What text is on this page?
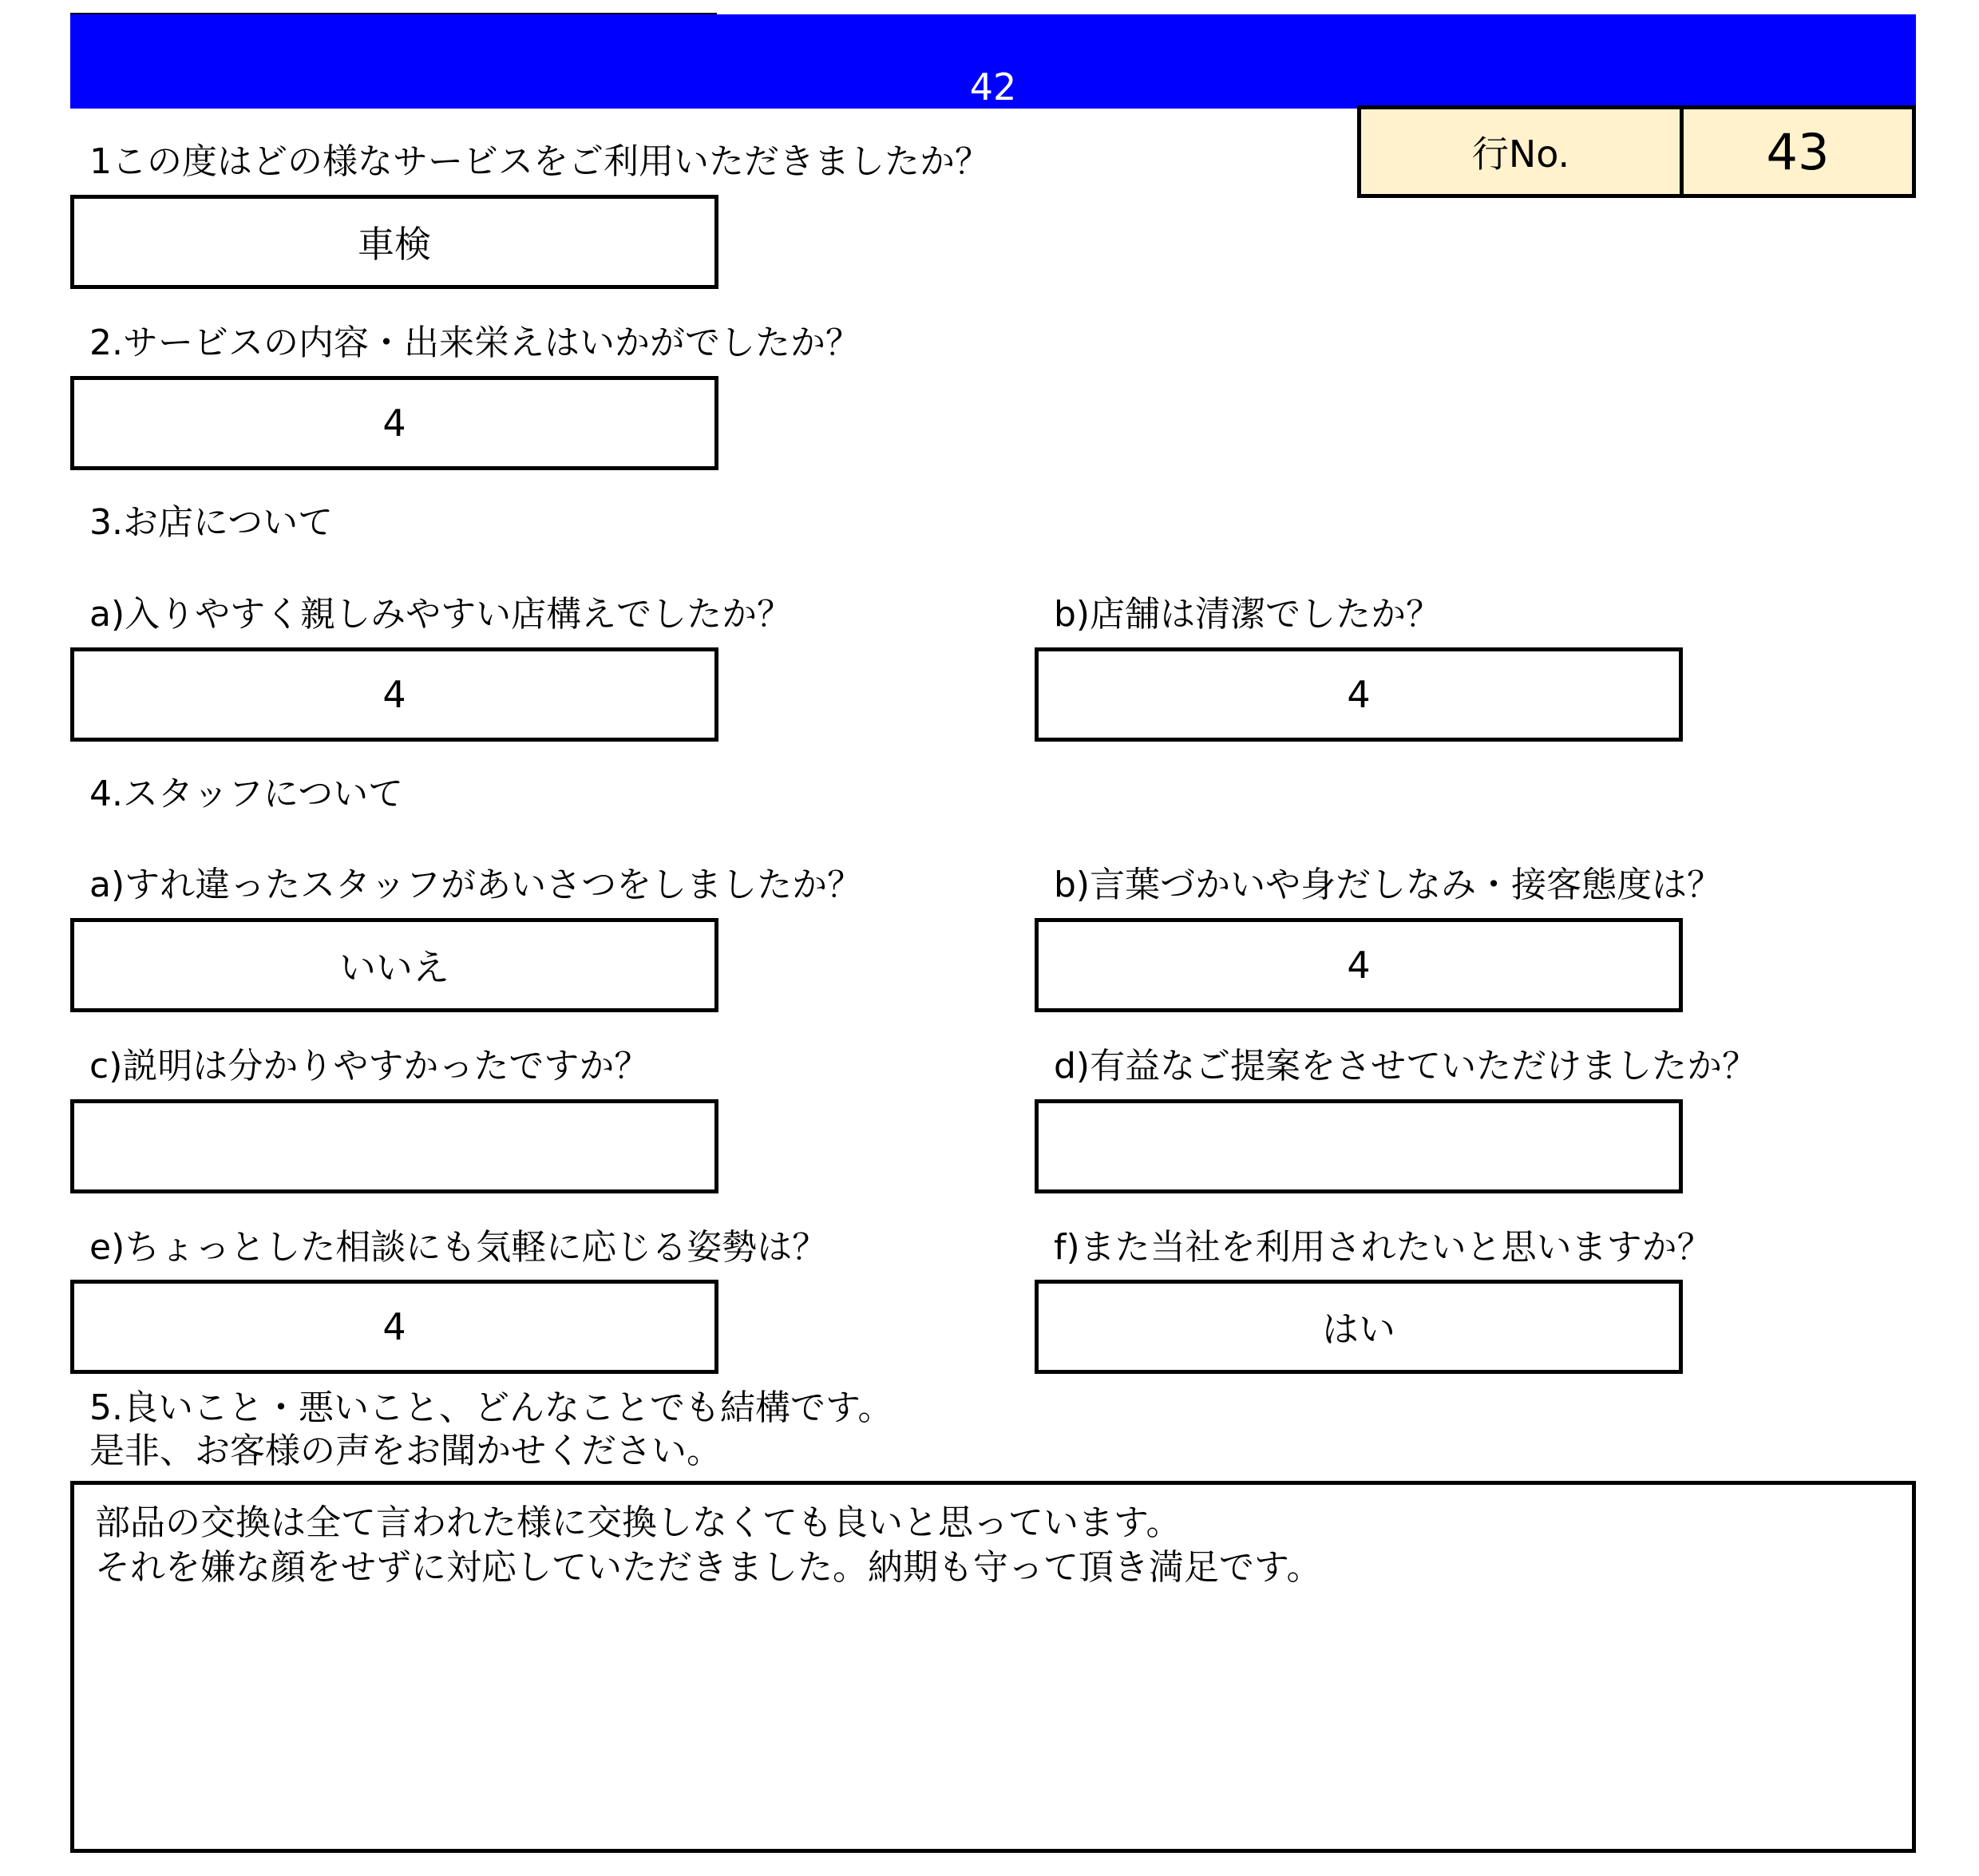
42
行No.	43
1この度はどの様なサービスをご利用いただきましたか？
車検
2.サービスの内容・出来栄えはいかがでしたか？
4
3.お店について
a)入りやすく親しみやすい店構えでしたか？
4
b)店舗は清潔でしたか？
4
4.スタッフについて
a)すれ違ったスタッフがあいさつをしましたか？
いいえ
b)言葉づかいや身だしなみ・接客態度は？
4
c)説明は分かりやすかったですか？	d)有益なご提案をさせていただけましたか？
e)ちょっとした相談にも気軽に応じる姿勢は？
4
f)また当社を利用されたいと思いますか？
はい
5.良いこと・悪いこと、どんなことでも結構です。
是非、お客様の声をお聞かせください。
部品の交換は全て言われた様に交換しなくても良いと思っています。
それを嫌な顔をせずに対応していただきました。納期も守って頂き満足です。
